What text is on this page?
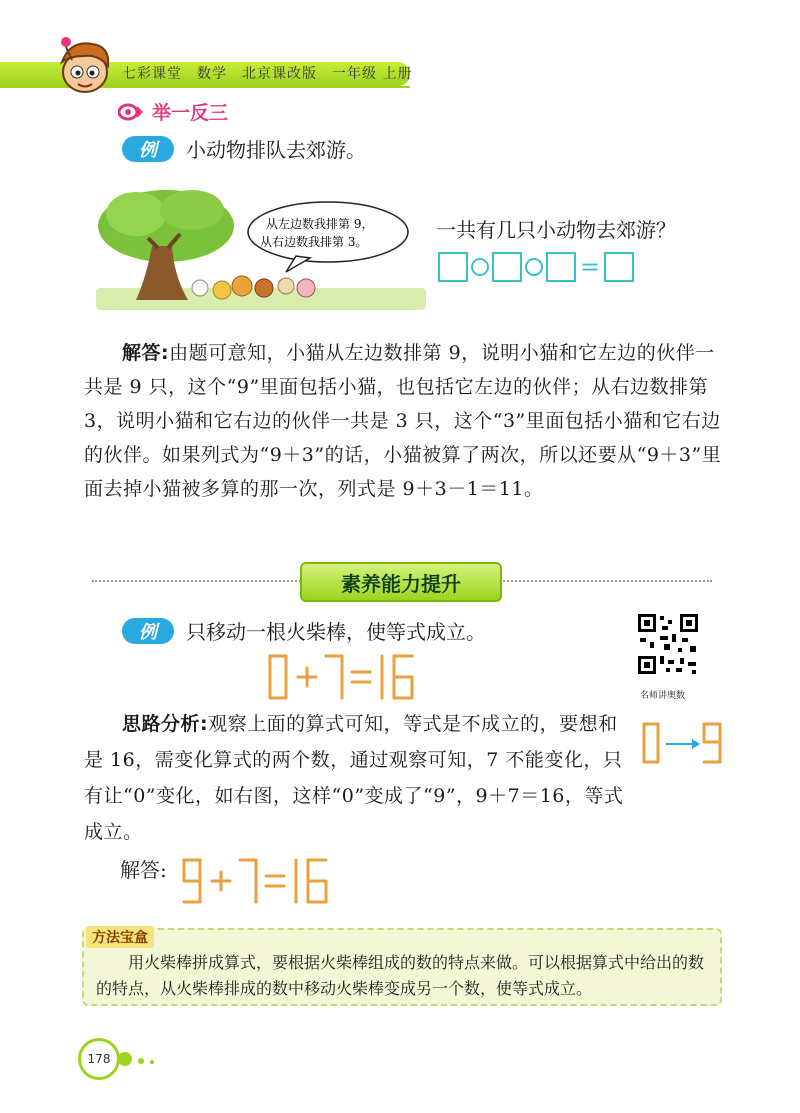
七彩课堂　数学　北京课改版　一年级 上册
举一反三
例	小动物排队去郊游。
从左边数我排第 9，
从右边数我排第 3。	一共有几只小动物去郊游？
=
解答:由题可意知，小猫从左边数排第 9，说明小猫和它左边的伙伴一共是 9 只，这个“9”里面包括小猫，也包括它左边的伙伴；从右边数排第 3，说明小猫和它右边的伙伴一共是 3 只，这个“3”里面包括小猫和它右边的伙伴。如果列式为“9＋3”的话，小猫被算了两次，所以还要从“9＋3”里面去掉小猫被多算的那一次，列式是 9＋3－1＝11。
素养能力提升
例	只移动一根火柴棒，使等式成立。
名师讲奥数
思路分析:观察上面的算式可知，等式是不成立的，要想和是 16，需变化算式的两个数，通过观察可知，7 不能变化，只有让“0”变化，如右图，这样“0”变成了“9”，9＋7＝16，等式成立。
解答:
方法宝盒
用火柴棒拼成算式，要根据火柴棒组成的数的特点来做。可以根据算式中给出的数的特点，从火柴棒排成的数中移动火柴棒变成另一个数，使等式成立。
178
